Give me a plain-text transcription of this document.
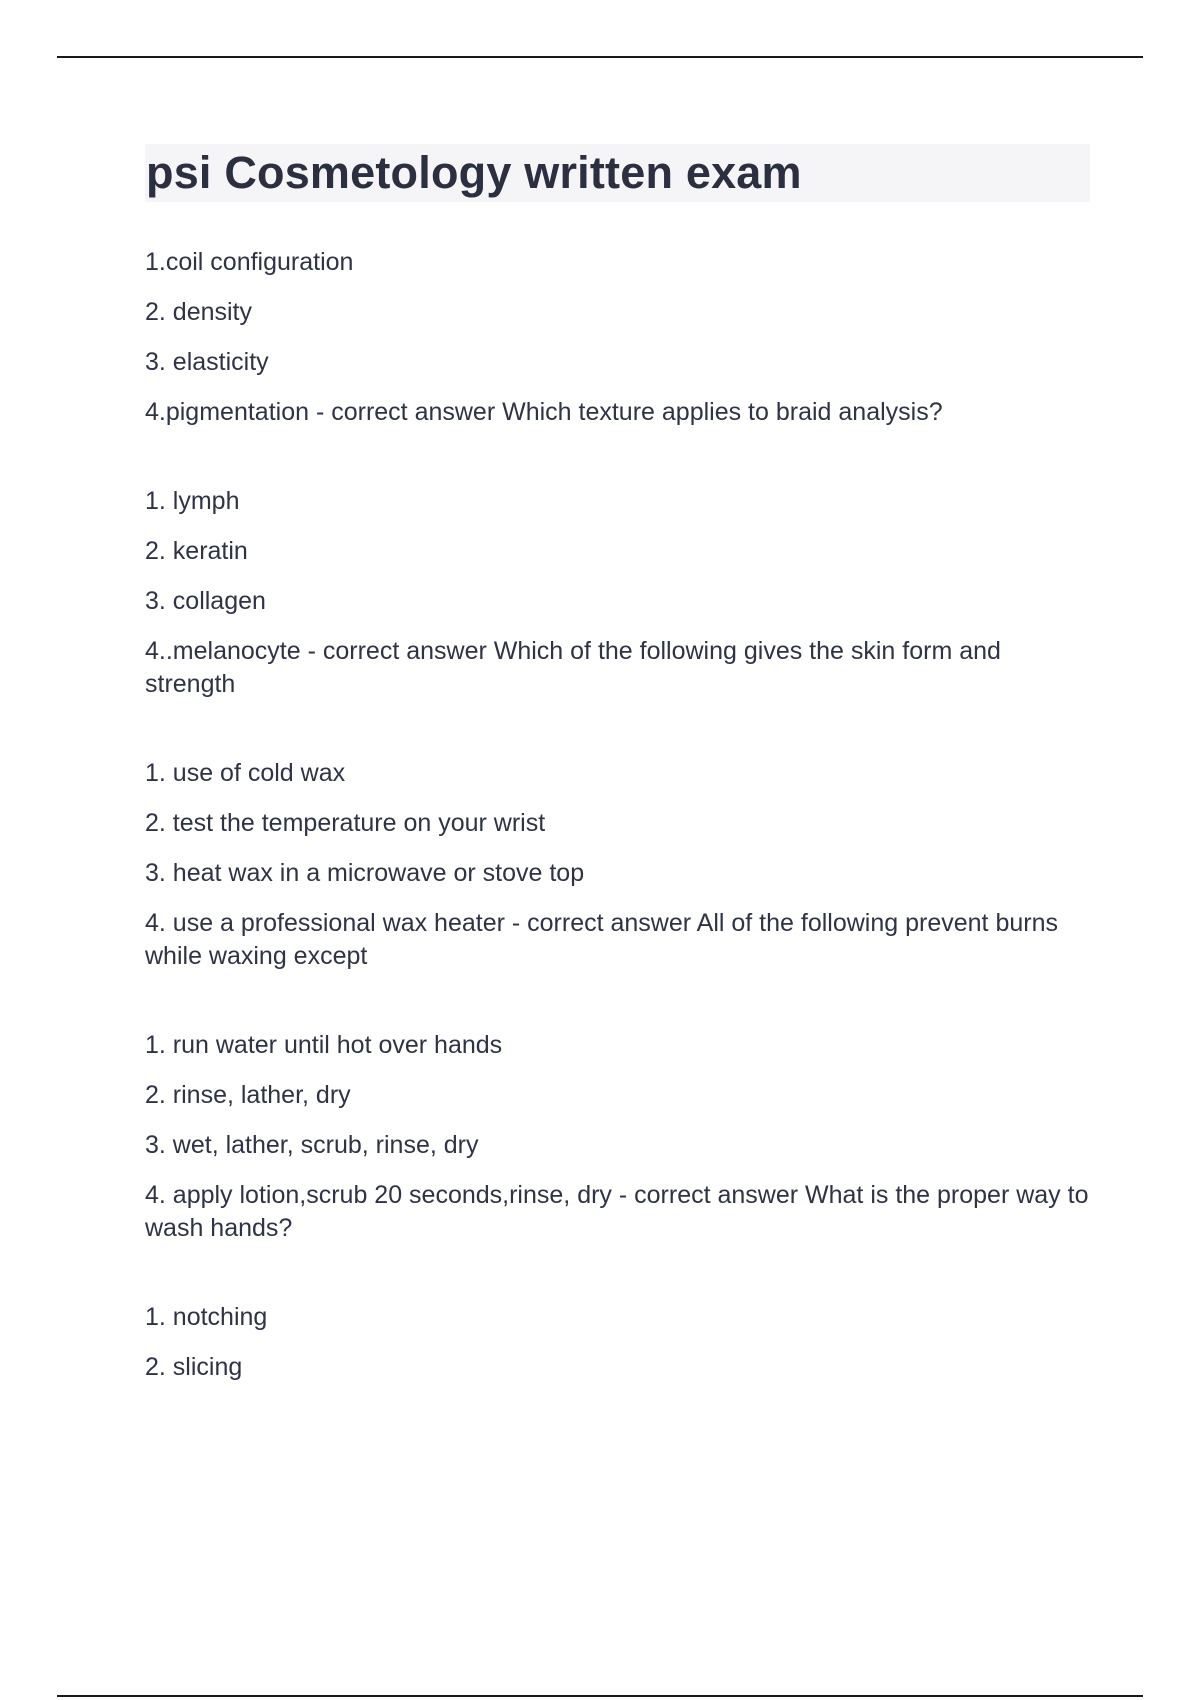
psi Cosmetology written exam

1.coil configuration

2. density

3. elasticity

4.pigmentation - correct answer Which texture applies to braid analysis?

1. lymph

2. keratin

3. collagen

4..melanocyte - correct answer Which of the following gives the skin form and strength

1. use of cold wax

2. test the temperature on your wrist

3. heat wax in a microwave or stove top

4. use a professional wax heater - correct answer All of the following prevent burns while waxing except

1. run water until hot over hands

2. rinse, lather, dry

3. wet, lather, scrub, rinse, dry

4. apply lotion,scrub 20 seconds,rinse, dry - correct answer What is the proper way to wash hands?

1. notching

2. slicing
